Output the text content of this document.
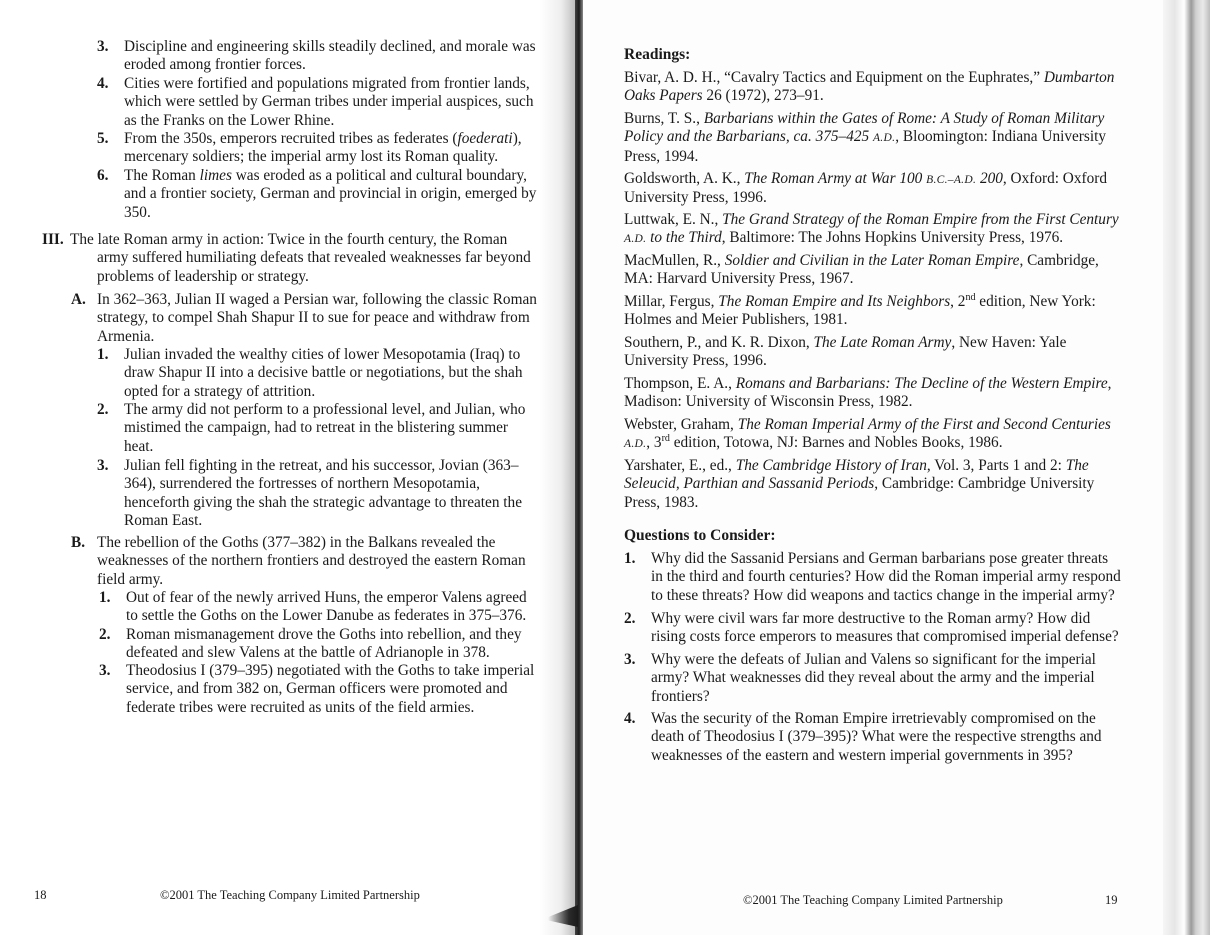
3. Discipline and engineering skills steadily declined, and morale was
eroded among frontier forces.
4. Cities were fortified and populations migrated from frontier lands,
which were settled by German tribes under imperial auspices, such
as the Franks on the Lower Rhine.
5. From the 350s, emperors recruited tribes as federates (foederati),
mercenary soldiers; the imperial army lost its Roman quality.
6. The Roman limes was eroded as a political and cultural boundary,
and a frontier society, German and provincial in origin, emerged by
350.
III. The late Roman army in action: Twice in the fourth century, the Roman
army suffered humiliating defeats that revealed weaknesses far beyond
problems of leadership or strategy.
A. In 362–363, Julian II waged a Persian war, following the classic Roman
strategy, to compel Shah Shapur II to sue for peace and withdraw from
Armenia.
1. Julian invaded the wealthy cities of lower Mesopotamia (Iraq) to
draw Shapur II into a decisive battle or negotiations, but the shah
opted for a strategy of attrition.
2. The army did not perform to a professional level, and Julian, who
mistimed the campaign, had to retreat in the blistering summer
heat.
3. Julian fell fighting in the retreat, and his successor, Jovian (363–
364), surrendered the fortresses of northern Mesopotamia,
henceforth giving the shah the strategic advantage to threaten the
Roman East.
B. The rebellion of the Goths (377–382) in the Balkans revealed the
weaknesses of the northern frontiers and destroyed the eastern Roman
field army.
1. Out of fear of the newly arrived Huns, the emperor Valens agreed
to settle the Goths on the Lower Danube as federates in 375–376.
2. Roman mismanagement drove the Goths into rebellion, and they
defeated and slew Valens at the battle of Adrianople in 378.
3. Theodosius I (379–395) negotiated with the Goths to take imperial
service, and from 382 on, German officers were promoted and
federate tribes were recruited as units of the field armies.
18	©2001 The Teaching Company Limited Partnership
Readings:
Bivar, A. D. H., “Cavalry Tactics and Equipment on the Euphrates,” Dumbarton
Oaks Papers 26 (1972), 273–91.
Burns, T. S., Barbarians within the Gates of Rome: A Study of Roman Military
Policy and the Barbarians, ca. 375–425 A.D., Bloomington: Indiana University
Press, 1994.
Goldsworth, A. K., The Roman Army at War 100 B.C.–A.D. 200, Oxford: Oxford
University Press, 1996.
Luttwak, E. N., The Grand Strategy of the Roman Empire from the First Century
A.D. to the Third, Baltimore: The Johns Hopkins University Press, 1976.
MacMullen, R., Soldier and Civilian in the Later Roman Empire, Cambridge,
MA: Harvard University Press, 1967.
Millar, Fergus, The Roman Empire and Its Neighbors, 2nd edition, New York:
Holmes and Meier Publishers, 1981.
Southern, P., and K. R. Dixon, The Late Roman Army, New Haven: Yale
University Press, 1996.
Thompson, E. A., Romans and Barbarians: The Decline of the Western Empire,
Madison: University of Wisconsin Press, 1982.
Webster, Graham, The Roman Imperial Army of the First and Second Centuries
A.D., 3rd edition, Totowa, NJ: Barnes and Nobles Books, 1986.
Yarshater, E., ed., The Cambridge History of Iran, Vol. 3, Parts 1 and 2: The
Seleucid, Parthian and Sassanid Periods, Cambridge: Cambridge University
Press, 1983.
Questions to Consider:
1. Why did the Sassanid Persians and German barbarians pose greater threats
in the third and fourth centuries? How did the Roman imperial army respond
to these threats? How did weapons and tactics change in the imperial army?
2. Why were civil wars far more destructive to the Roman army? How did
rising costs force emperors to measures that compromised imperial defense?
3. Why were the defeats of Julian and Valens so significant for the imperial
army? What weaknesses did they reveal about the army and the imperial
frontiers?
4. Was the security of the Roman Empire irretrievably compromised on the
death of Theodosius I (379–395)? What were the respective strengths and
weaknesses of the eastern and western imperial governments in 395?
©2001 The Teaching Company Limited Partnership	19
